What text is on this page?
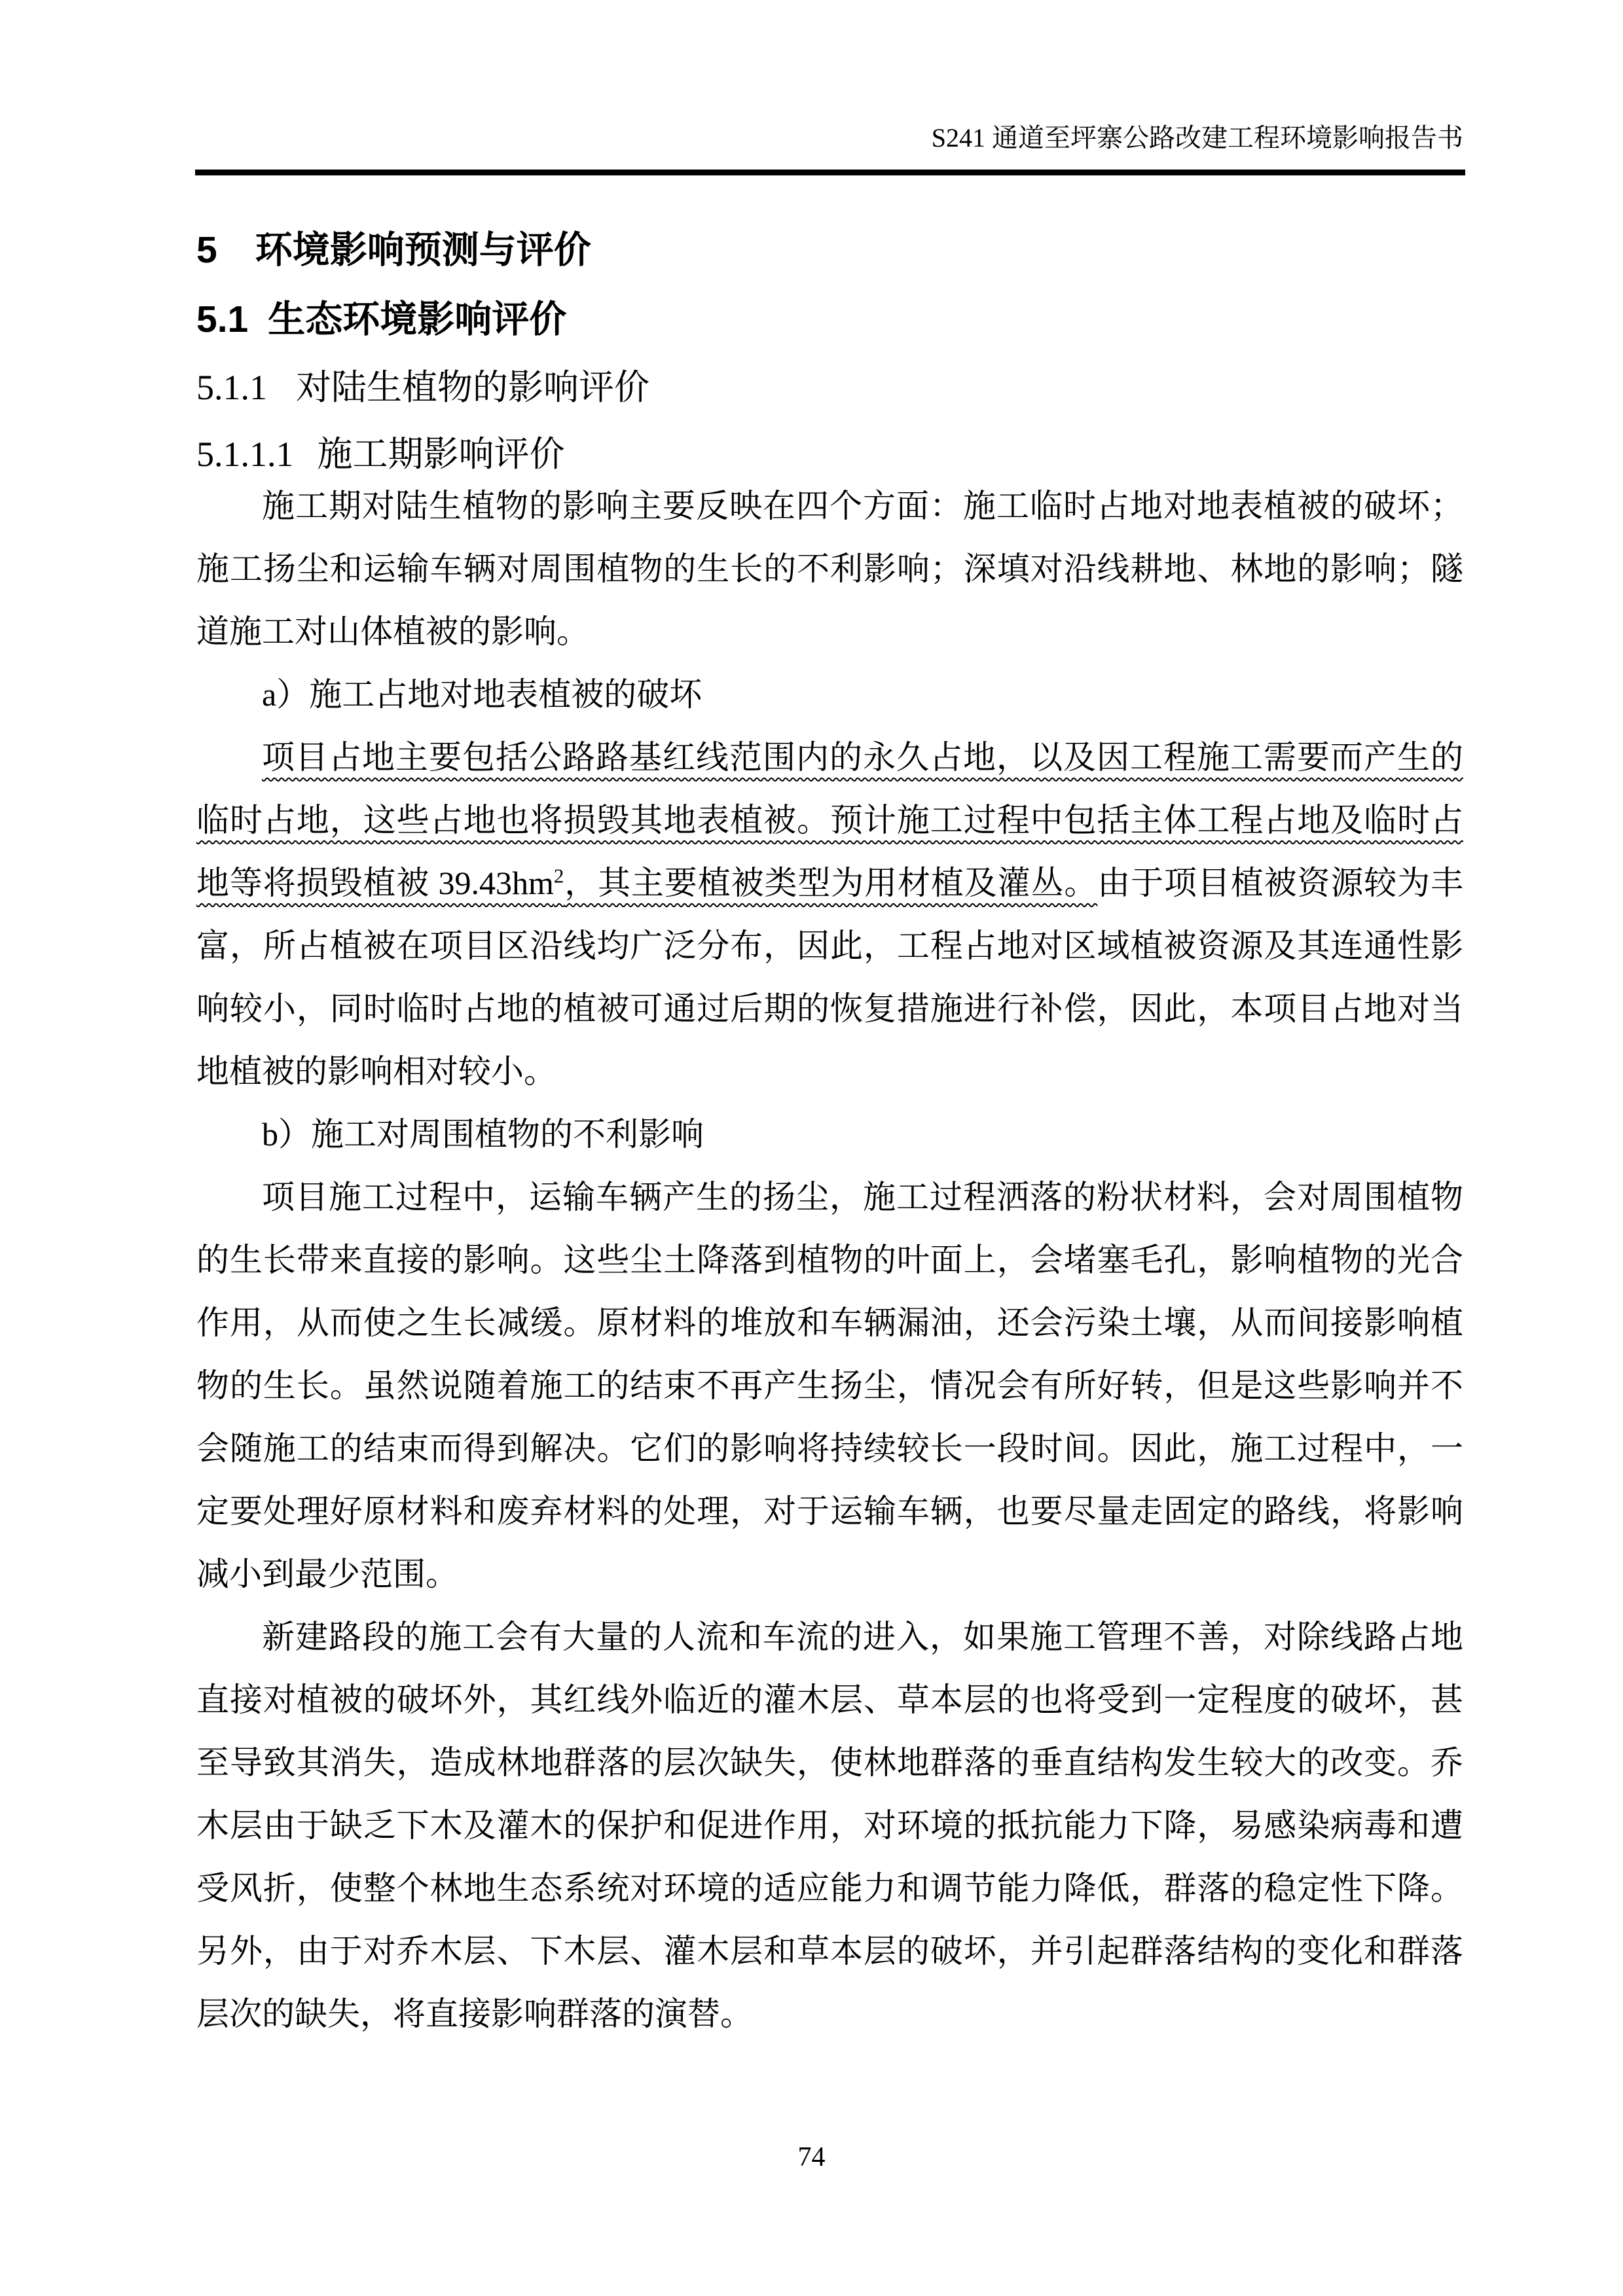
S241 通道至坪寨公路改建工程环境影响报告书
5 环境影响预测与评价
5.1 生态环境影响评价
5.1.1 对陆生植物的影响评价
5.1.1.1 施工期影响评价

施工期对陆生植物的影响主要反映在四个方面：施工临时占地对地表植被的破坏；施工扬尘和运输车辆对周围植物的生长的不利影响；深填对沿线耕地、林地的影响；隧道施工对山体植被的影响。

a）施工占地对地表植被的破坏

项目占地主要包括公路路基红线范围内的永久占地，以及因工程施工需要而产生的临时占地，这些占地也将损毁其地表植被。预计施工过程中包括主体工程占地及临时占地等将损毁植被 $39.43hm^2$，其主要植被类型为用材植及灌丛。由于项目植被资源较为丰富，所占植被在项目区沿线均广泛分布，因此，工程占地对区域植被资源及其连通性影响较小，同时临时占地的植被可通过后期的恢复措施进行补偿，因此，本项目占地对当地植被的影响相对较小。

b）施工对周围植物的不利影响

项目施工过程中，运输车辆产生的扬尘，施工过程洒落的粉状材料，会对周围植物的生长带来直接的影响。这些尘土降落到植物的叶面上，会堵塞毛孔，影响植物的光合作用，从而使之生长减缓。原材料的堆放和车辆漏油，还会污染土壤，从而间接影响植物的生长。虽然说随着施工的结束不再产生扬尘，情况会有所好转，但是这些影响并不会随施工的结束而得到解决。它们的影响将持续较长一段时间。因此，施工过程中，一定要处理好原材料和废弃材料的处理，对于运输车辆，也要尽量走固定的路线，将影响减小到最少范围。

新建路段的施工会有大量的人流和车流的进入，如果施工管理不善，对除线路占地直接对植被的破坏外，其红线外临近的灌木层、草本层的也将受到一定程度的破坏，甚至导致其消失，造成林地群落的层次缺失，使林地群落的垂直结构发生较大的改变。乔木层由于缺乏下木及灌木的保护和促进作用，对环境的抵抗能力下降，易感染病毒和遭受风折，使整个林地生态系统对环境的适应能力和调节能力降低，群落的稳定性下降。另外，由于对乔木层、下木层、灌木层和草本层的破坏，并引起群落结构的变化和群落层次的缺失，将直接影响群落的演替。

74
